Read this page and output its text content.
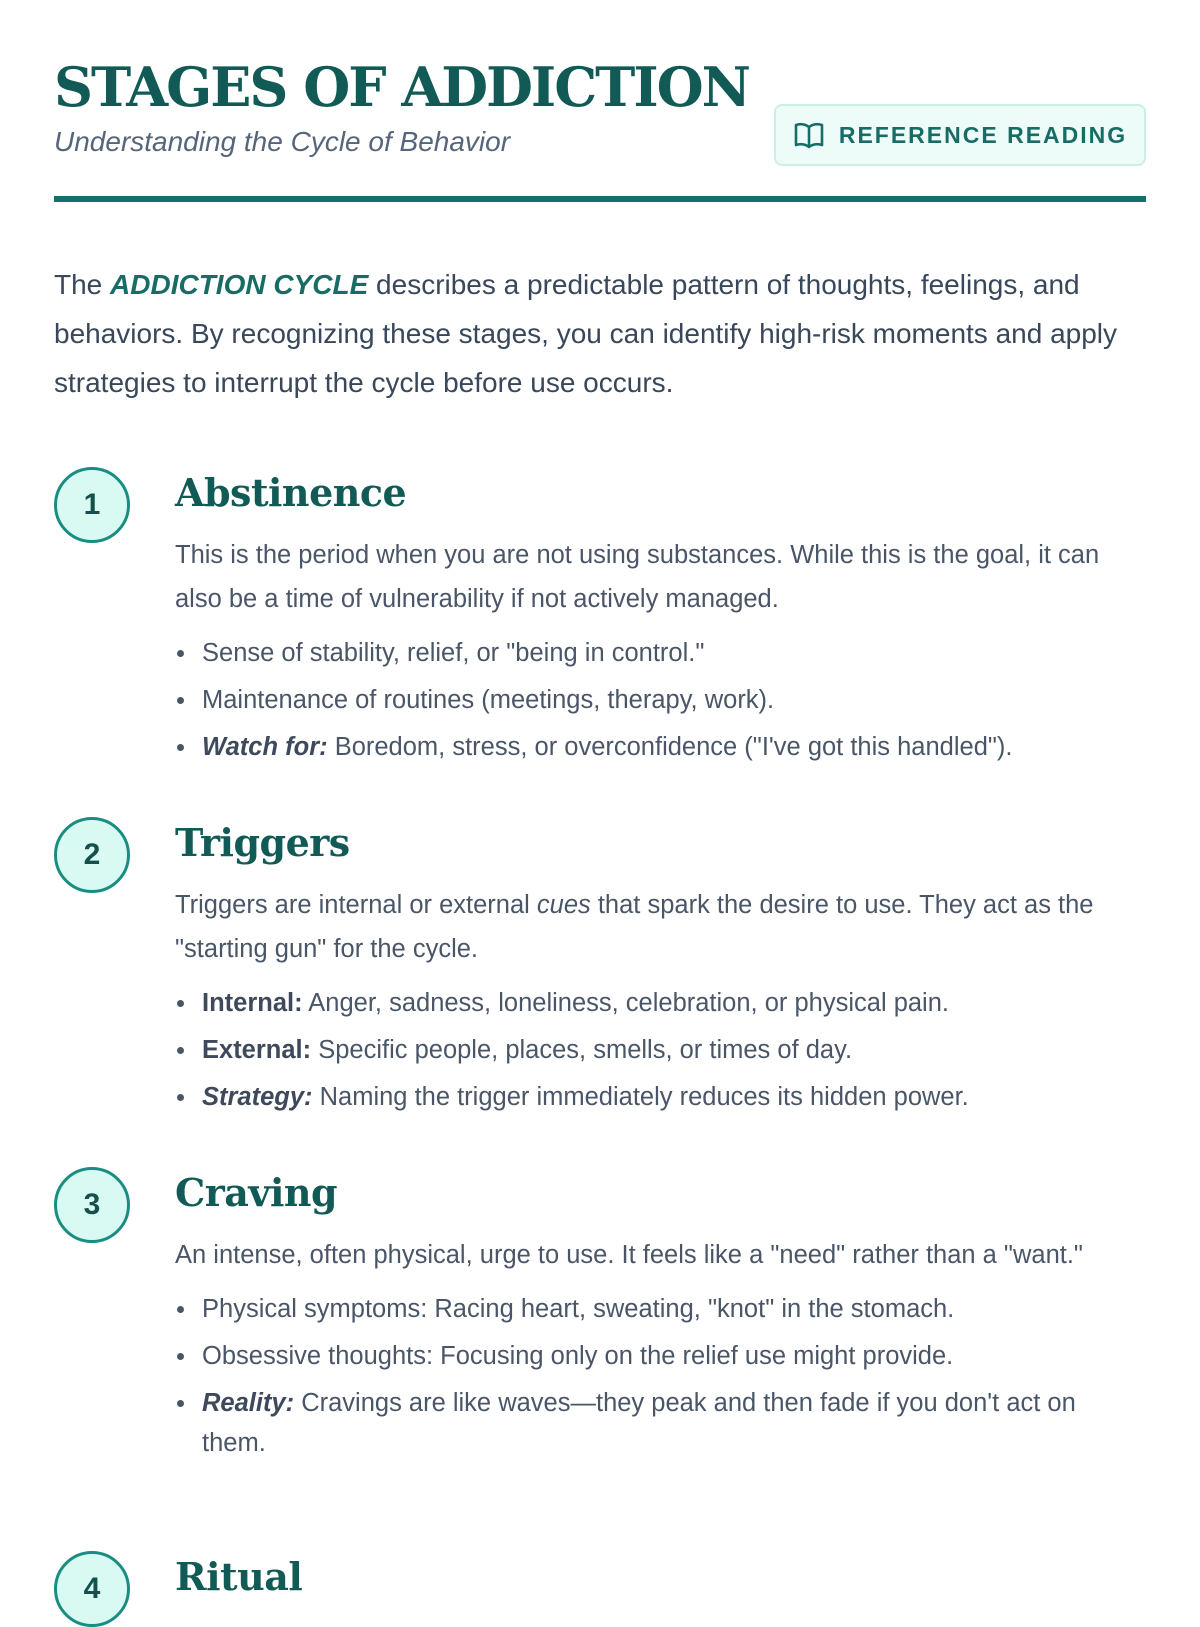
STAGES OF ADDICTION
Understanding the Cycle of Behavior	REFERENCE READING

The ADDICTION CYCLE describes a predictable pattern of thoughts, feelings, and behaviors. By recognizing these stages, you can identify high-risk moments and apply strategies to interrupt the cycle before use occurs.

1	Abstinence

This is the period when you are not using substances. While this is the goal, it can also be a time of vulnerability if not actively managed.

Sense of stability, relief, or "being in control."
Maintenance of routines (meetings, therapy, work).
Watch for: Boredom, stress, or overconfidence ("I've got this handled").
2	Triggers

Triggers are internal or external cues that spark the desire to use. They act as the "starting gun" for the cycle.

Internal: Anger, sadness, loneliness, celebration, or physical pain.
External: Specific people, places, smells, or times of day.
Strategy: Naming the trigger immediately reduces its hidden power.
3	Craving

An intense, often physical, urge to use. It feels like a "need" rather than a "want."

Physical symptoms: Racing heart, sweating, "knot" in the stomach.
Obsessive thoughts: Focusing only on the relief use might provide.
Reality: Cravings are like waves—they peak and then fade if you don't act on them.
4	Ritual
